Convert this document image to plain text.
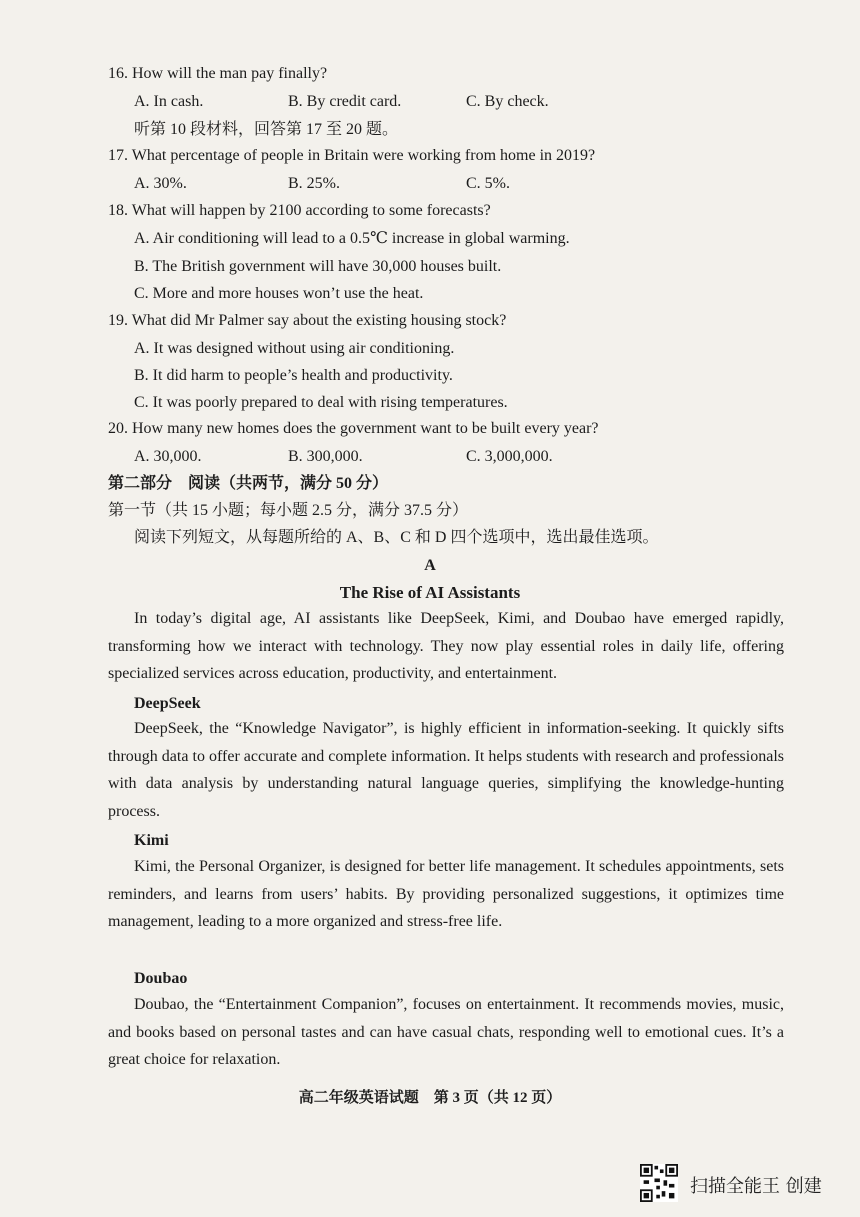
16. How will the man pay finally?
A. In cash.	B. By credit card.	C. By check.
听第 10 段材料，回答第 17 至 20 题。
17. What percentage of people in Britain were working from home in 2019?
A. 30%.	B. 25%.	C. 5%.
18. What will happen by 2100 according to some forecasts?
A. Air conditioning will lead to a 0.5℃ increase in global warming.
B. The British government will have 30,000 houses built.
C. More and more houses won’t use the heat.
19. What did Mr Palmer say about the existing housing stock?
A. It was designed without using air conditioning.
B. It did harm to people’s health and productivity.
C. It was poorly prepared to deal with rising temperatures.
20. How many new homes does the government want to be built every year?
A. 30,000.	B. 300,000.	C. 3,000,000.
第二部分　阅读（共两节，满分 50 分）
第一节（共 15 小题；每小题 2.5 分，满分 37.5 分）
阅读下列短文，从每题所给的 A、B、C 和 D 四个选项中，选出最佳选项。
A
The Rise of AI Assistants
In today’s digital age, AI assistants like DeepSeek, Kimi, and Doubao have emerged rapidly, transforming how we interact with technology. They now play essential roles in daily life, offering specialized services across education, productivity, and entertainment.
DeepSeek
DeepSeek, the “Knowledge Navigator”, is highly efficient in information-seeking. It quickly sifts through data to offer accurate and complete information. It helps students with research and professionals with data analysis by understanding natural language queries, simplifying the knowledge-hunting process.
Kimi
Kimi, the Personal Organizer, is designed for better life management. It schedules appointments, sets reminders, and learns from users’ habits. By providing personalized suggestions, it optimizes time management, leading to a more organized and stress-free life.
Doubao
Doubao, the “Entertainment Companion”, focuses on entertainment. It recommends movies, music, and books based on personal tastes and can have casual chats, responding well to emotional cues. It’s a great choice for relaxation.
高二年级英语试题　第 3 页（共 12 页）
扫描全能王 创建
